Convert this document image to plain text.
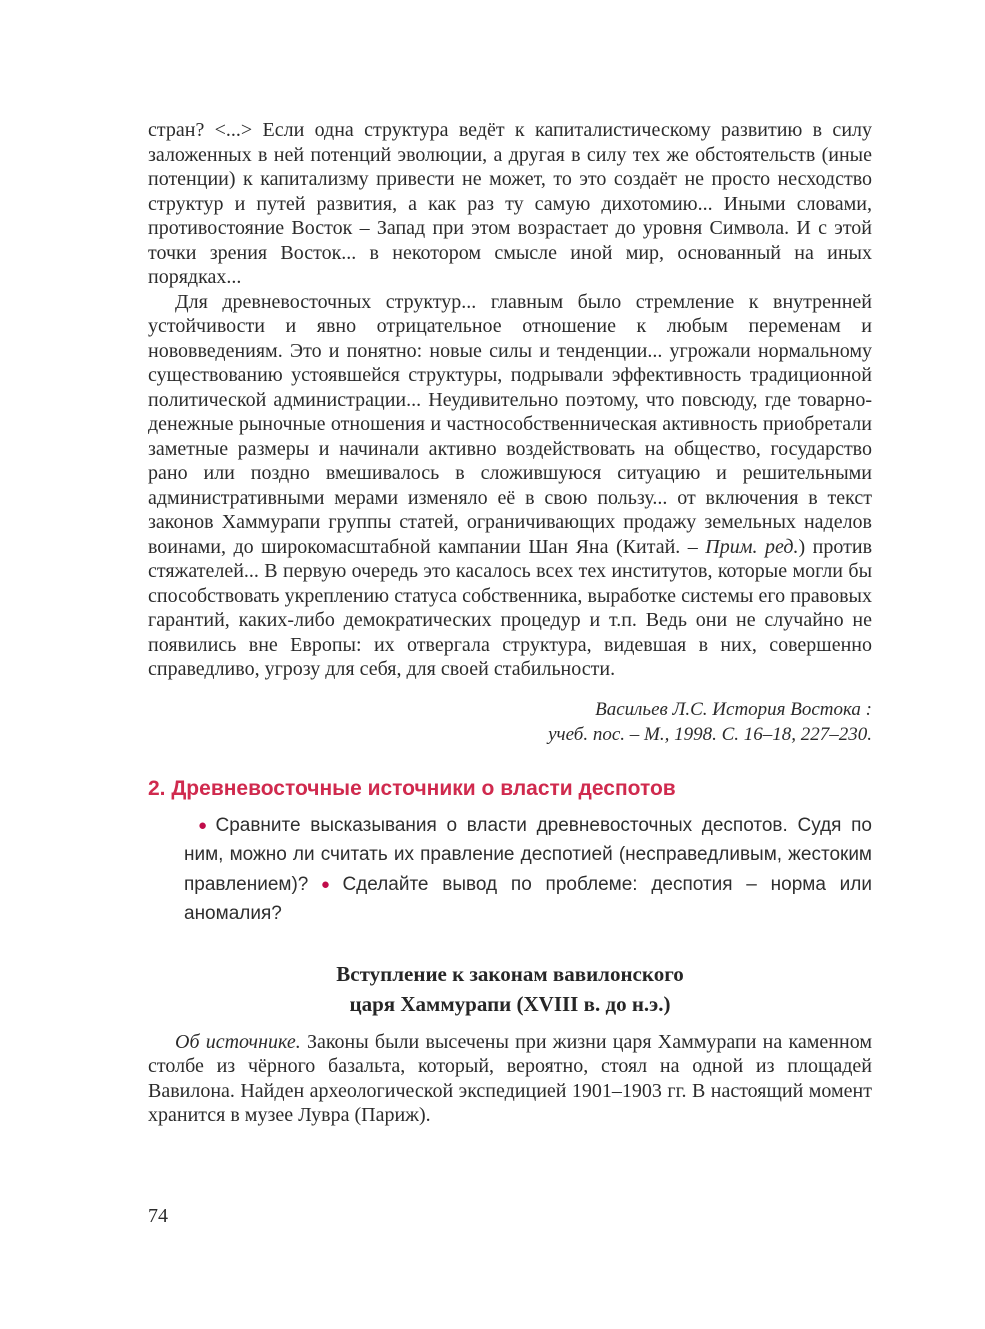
стран? <...> Если одна структура ведёт к капиталистическому развитию в силу заложенных в ней потенций эволюции, а другая в силу тех же обстоятельств (иные потенции) к капитализму привести не может, то это создаёт не просто несходство структур и путей развития, а как раз ту самую дихотомию... Иными словами, противостояние Восток – Запад при этом возрастает до уровня Символа. И с этой точки зрения Восток... в некотором смысле иной мир, основанный на иных порядках...

Для древневосточных структур... главным было стремление к внутренней устойчивости и явно отрицательное отношение к любым переменам и нововведениям. Это и понятно: новые силы и тенденции... угрожали нормальному существованию устоявшейся структуры, подрывали эффективность традиционной политической администрации... Неудивительно поэтому, что повсюду, где товарно-денежные рыночные отношения и частнособственническая активность приобретали заметные размеры и начинали активно воздействовать на общество, государство рано или поздно вмешивалось в сложившуюся ситуацию и решительными административными мерами изменяло её в свою пользу... от включения в текст законов Хаммурапи группы статей, ограничивающих продажу земельных наделов воинами, до широкомасштабной кампании Шан Яна (Китай. – Прим. ред.) против стяжателей... В первую очередь это касалось всех тех институтов, которые могли бы способствовать укреплению статуса собственника, выработке системы его правовых гарантий, каких-либо демократических процедур и т.п. Ведь они не случайно не появились вне Европы: их отвергала структура, видевшая в них, совершенно справедливо, угрозу для себя, для своей стабильности.

Васильев Л.С. История Востока :
учеб. пос. – М., 1998. С. 16–18, 227–230.
2. Древневосточные источники о власти деспотов

● Сравните высказывания о власти древневосточных деспотов. Судя по ним, можно ли считать их правление деспотией (несправедливым, жестоким правлением)? ● Сделайте вывод по проблеме: деспотия – норма или аномалия?

Вступление к законам вавилонского
царя Хаммурапи (XVIII в. до н.э.)

Об источнике. Законы были высечены при жизни царя Хаммурапи на каменном столбе из чёрного базальта, который, вероятно, стоял на одной из площадей Вавилона. Найден археологической экспедицией 1901–1903 гг. В настоящий момент хранится в музее Лувра (Париж).

74
